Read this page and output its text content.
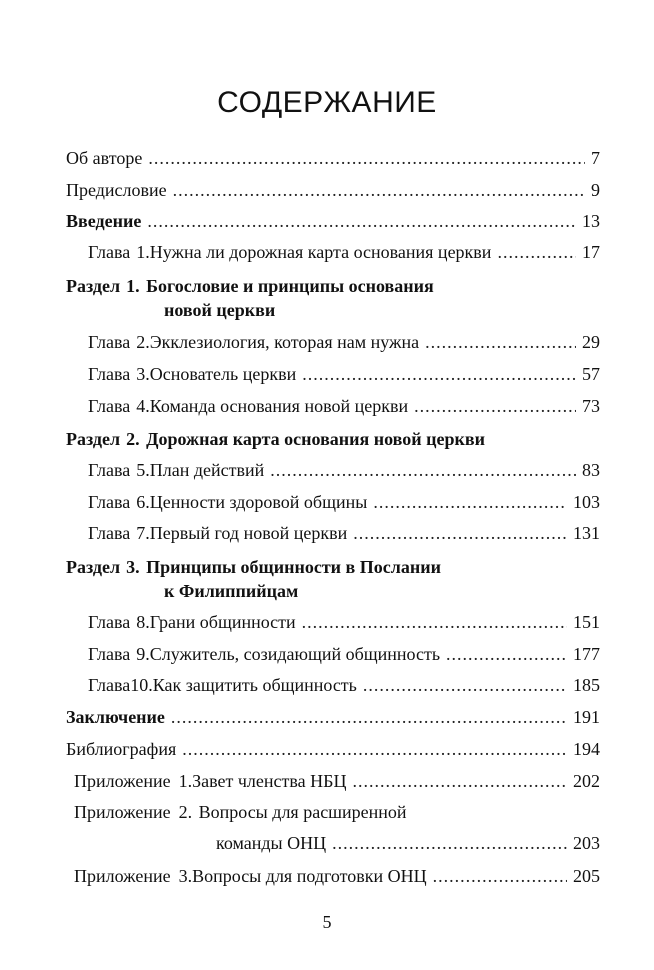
СОДЕРЖАНИЕ
Об авторе .....	7
Предисловие .....	9
Введение .....	13
Глава 1. Нужна ли дорожная карта основания церкви .....	17
Раздел 1. Богословие и принципы основания
новой церкви
Глава 2. Экклезиология, которая нам нужна .....	29
Глава 3. Основатель церкви .....	57
Глава 4. Команда основания новой церкви .....	73
Раздел 2. Дорожная карта основания новой церкви
Глава 5. План действий .....	83
Глава 6. Ценности здоровой общины .....	103
Глава 7. Первый год новой церкви .....	131
Раздел 3. Принципы общинности в Послании
к Филиппийцам
Глава 8. Грани общинности .....	151
Глава 9. Служитель, созидающий общинность .....	177
Глава 10. Как защитить общинность .....	185
Заключение .....	191
Библиография .....	194
Приложение 1. Завет членства НБЦ .....	202
Приложение 2. Вопросы для расширенной
команды ОНЦ .....	203
Приложение 3. Вопросы для подготовки ОНЦ .....	205
5
